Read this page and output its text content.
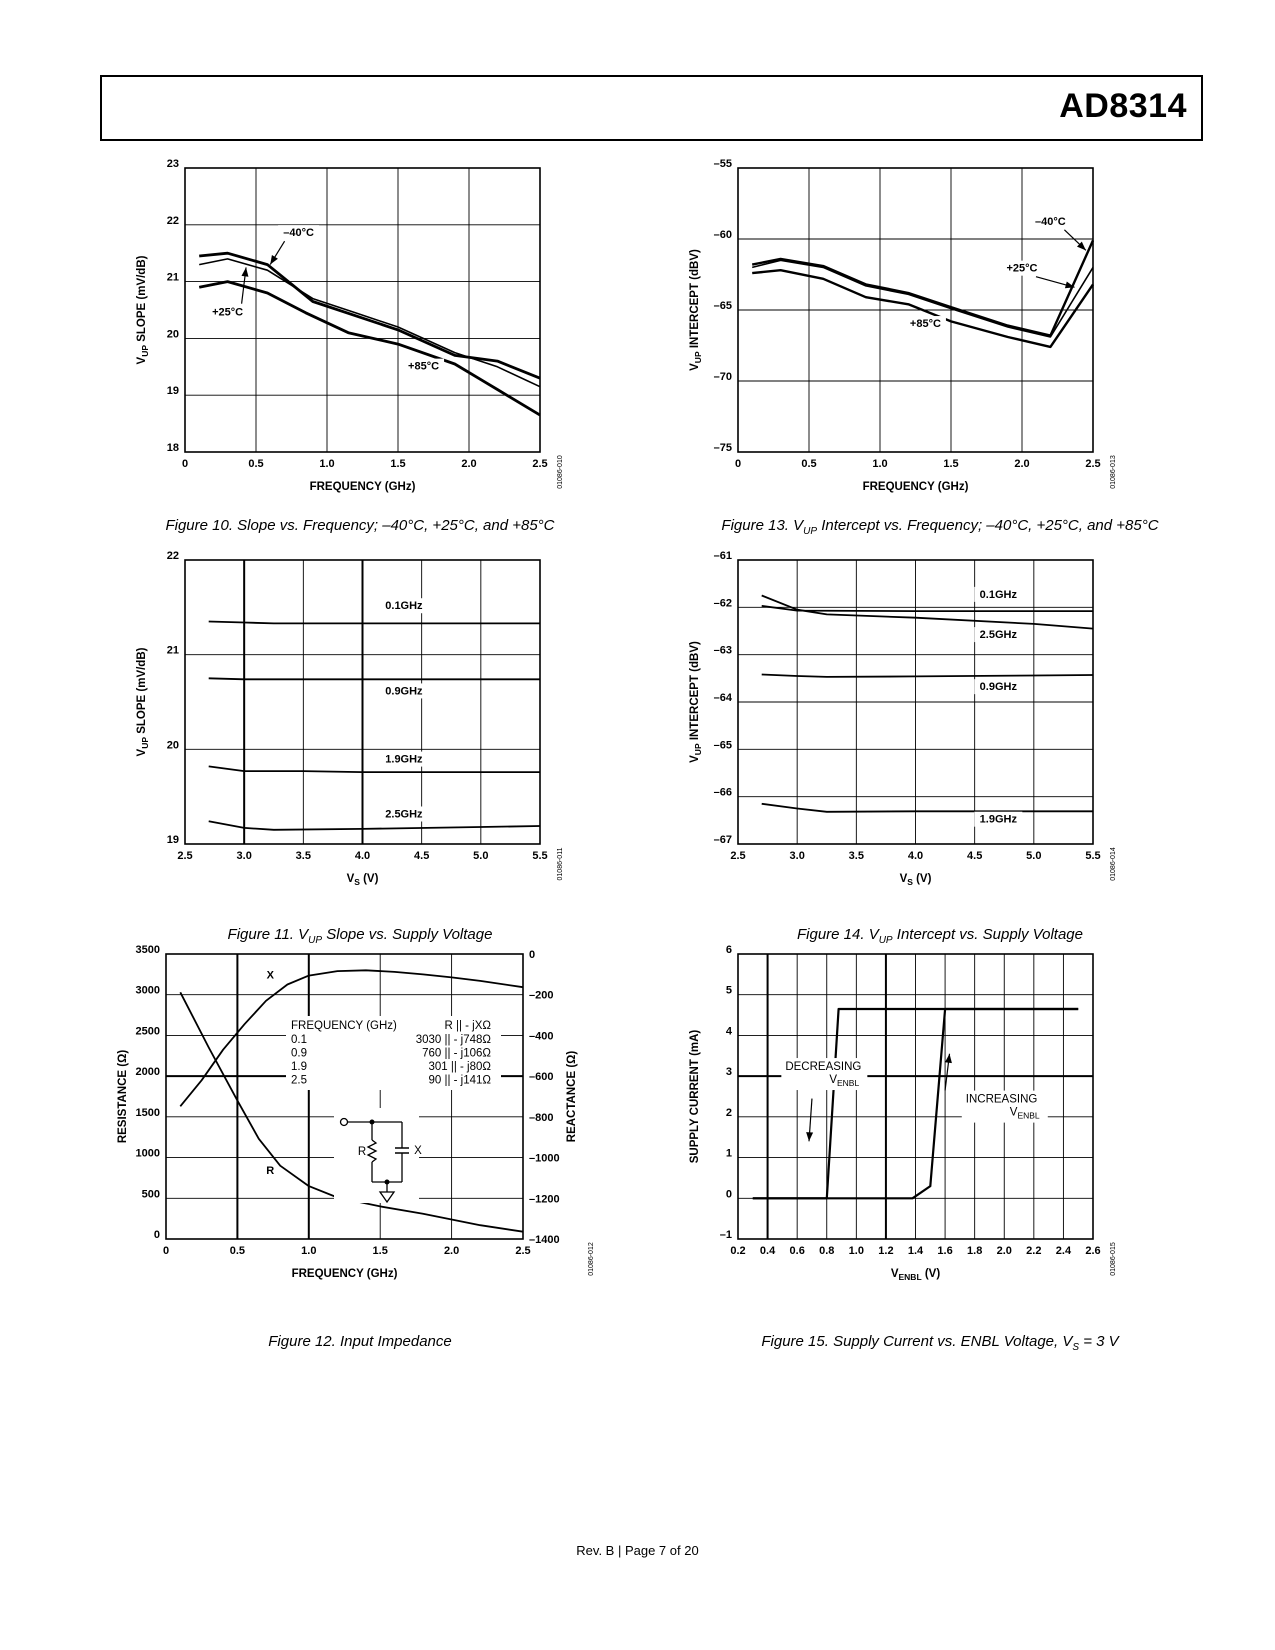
AD8314
0	0.5	1.0	1.5	2.0	2.5
18
19
20
21
22
23
FREQUENCY (GHz)
$V_{UP}$ SLOPE (mV/dB)
01086-010
–40°C
+25°C
+85°C
Figure 10. Slope vs. Frequency; –40°C, +25°C, and +85°C
0	0.5	1.0	1.5	2.0	2.5
–75
–70
–65
–60
–55
FREQUENCY (GHz)
$V_{UP}$ INTERCEPT (dBV)
01086-013
–40°C
+25°C
+85°C
Figure 13. $V_{UP}$ Intercept vs. Frequency; –40°C, +25°C, and +85°C
2.5	3.0	3.5	4.0	4.5	5.0	5.5
19
20
21
22
$V_S$ (V)
$V_{UP}$ SLOPE (mV/dB)
01086-011
0.1GHz
0.9GHz
1.9GHz
2.5GHz
Figure 11. $V_{UP}$ Slope vs. Supply Voltage
2.5	3.0	3.5	4.0	4.5	5.0	5.5
–67
–66
–65
–64
–63
–62
–61
$V_S$ (V)
$V_{UP}$ INTERCEPT (dBV)
01086-014
0.1GHz
2.5GHz
0.9GHz
1.9GHz
Figure 14. $V_{UP}$ Intercept vs. Supply Voltage
0	0.5	1.0	1.5	2.0	2.5
0
500
1000
1500
2000
2500
3000
3500
–1400
–1200
–1000
–800
–600
–400
–200
0
FREQUENCY (GHz)
RESISTANCE (Ω)	REACTANCE (Ω)
01086-012
X
R
FREQUENCY (GHz)	R || - jXΩ
0.1	3030 || - j748Ω
0.9	760 || - j106Ω
1.9	301 || - j80Ω
2.5	90 || - j141Ω
R	X
Figure 12. Input Impedance
0.2 0.4 0.6 0.8 1.0 1.2 1.4 1.6 1.8 2.0 2.2 2.4 2.6
–1
0
1
2
3
4
5
6
$V_{ENBL}$ (V)
SUPPLY CURRENT (mA)
01086-015
DECREASING
$V_{ENBL}$
INCREASING
$V_{ENBL}$
Figure 15. Supply Current vs. ENBL Voltage, $V_S = 3$ V
Rev. B | Page 7 of 20
